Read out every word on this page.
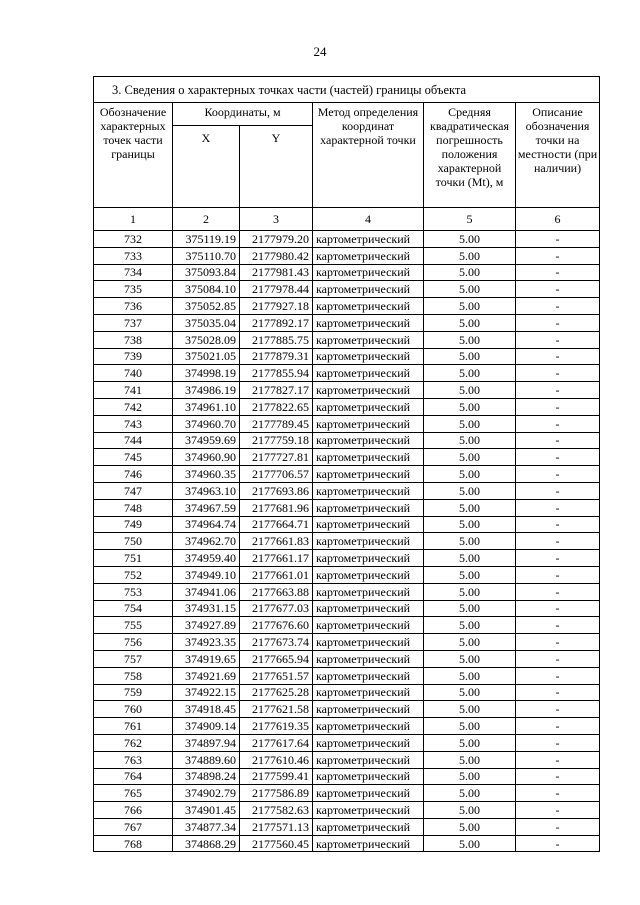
24
3. Сведения о характерных точках части (частей) границы объекта					
Обозначение характерных точек части границы	Координаты, м		Метод определения координат характерной точки	Средняя квадратическая погрешность положения характерной точки (Mt), м	Описание обозначения точки на местности (при наличии)
	X	Y			
1	2	3	4	5	6
732	375119.19	2177979.20	картометрический	5.00	-
733	375110.70	2177980.42	картометрический	5.00	-
734	375093.84	2177981.43	картометрический	5.00	-
735	375084.10	2177978.44	картометрический	5.00	-
736	375052.85	2177927.18	картометрический	5.00	-
737	375035.04	2177892.17	картометрический	5.00	-
738	375028.09	2177885.75	картометрический	5.00	-
739	375021.05	2177879.31	картометрический	5.00	-
740	374998.19	2177855.94	картометрический	5.00	-
741	374986.19	2177827.17	картометрический	5.00	-
742	374961.10	2177822.65	картометрический	5.00	-
743	374960.70	2177789.45	картометрический	5.00	-
744	374959.69	2177759.18	картометрический	5.00	-
745	374960.90	2177727.81	картометрический	5.00	-
746	374960.35	2177706.57	картометрический	5.00	-
747	374963.10	2177693.86	картометрический	5.00	-
748	374967.59	2177681.96	картометрический	5.00	-
749	374964.74	2177664.71	картометрический	5.00	-
750	374962.70	2177661.83	картометрический	5.00	-
751	374959.40	2177661.17	картометрический	5.00	-
752	374949.10	2177661.01	картометрический	5.00	-
753	374941.06	2177663.88	картометрический	5.00	-
754	374931.15	2177677.03	картометрический	5.00	-
755	374927.89	2177676.60	картометрический	5.00	-
756	374923.35	2177673.74	картометрический	5.00	-
757	374919.65	2177665.94	картометрический	5.00	-
758	374921.69	2177651.57	картометрический	5.00	-
759	374922.15	2177625.28	картометрический	5.00	-
760	374918.45	2177621.58	картометрический	5.00	-
761	374909.14	2177619.35	картометрический	5.00	-
762	374897.94	2177617.64	картометрический	5.00	-
763	374889.60	2177610.46	картометрический	5.00	-
764	374898.24	2177599.41	картометрический	5.00	-
765	374902.79	2177586.89	картометрический	5.00	-
766	374901.45	2177582.63	картометрический	5.00	-
767	374877.34	2177571.13	картометрический	5.00	-
768	374868.29	2177560.45	картометрический	5.00	-
